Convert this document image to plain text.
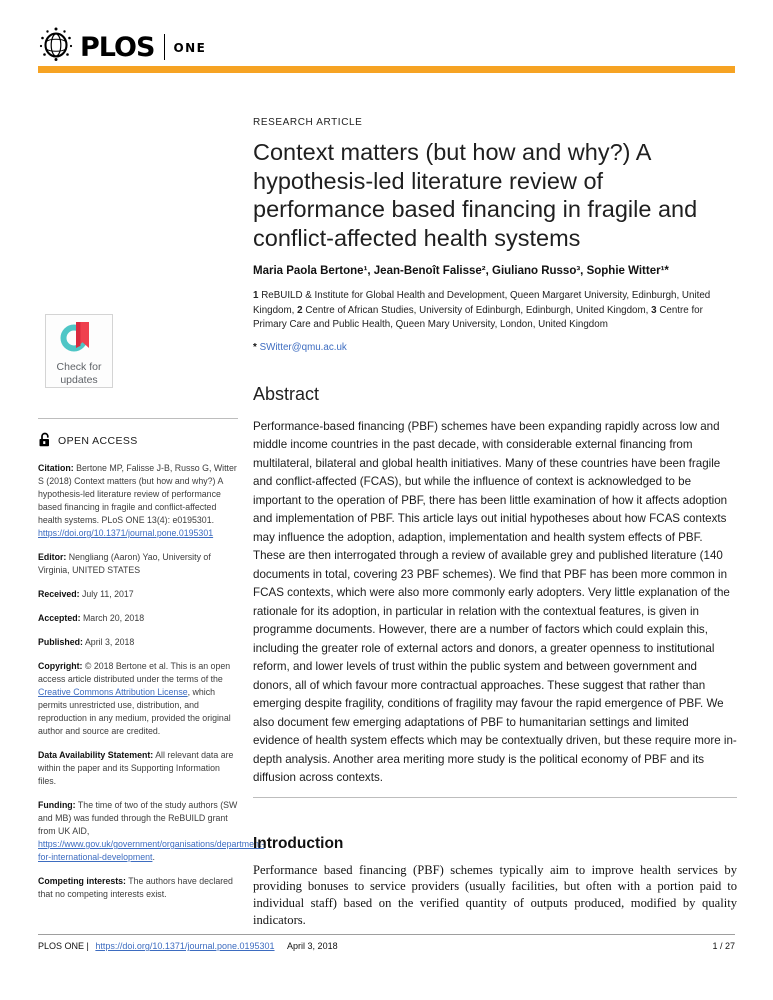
PLOS ONE
Check for
updates
OPEN ACCESS

Citation: Bertone MP, Falisse J-B, Russo G, Witter S (2018) Context matters (but how and why?) A hypothesis-led literature review of performance based financing in fragile and conflict-affected health systems. PLoS ONE 13(4): e0195301. https://doi.org/10.1371/journal.pone.0195301

Editor: Nengliang (Aaron) Yao, University of Virginia, UNITED STATES

Received: July 11, 2017

Accepted: March 20, 2018

Published: April 3, 2018

Copyright: © 2018 Bertone et al. This is an open access article distributed under the terms of the Creative Commons Attribution License, which permits unrestricted use, distribution, and reproduction in any medium, provided the original author and source are credited.

Data Availability Statement: All relevant data are within the paper and its Supporting Information files.

Funding: The time of two of the study authors (SW and MB) was funded through the ReBUILD grant from UK AID, https://www.gov.uk/government/organisations/department-for-international-development.

Competing interests: The authors have declared that no competing interests exist.

RESEARCH ARTICLE
Context matters (but how and why?) A hypothesis-led literature review of performance based financing in fragile and conflict-affected health systems
Maria Paola Bertone¹, Jean-Benoît Falisse², Giuliano Russo³, Sophie Witter¹*
1 ReBUILD & Institute for Global Health and Development, Queen Margaret University, Edinburgh, United Kingdom, 2 Centre of African Studies, University of Edinburgh, Edinburgh, United Kingdom, 3 Centre for Primary Care and Public Health, Queen Mary University, London, United Kingdom
* SWitter@qmu.ac.uk
Abstract
Performance-based financing (PBF) schemes have been expanding rapidly across low and middle income countries in the past decade, with considerable external financing from multilateral, bilateral and global health initiatives. Many of these countries have been fragile and conflict-affected (FCAS), but while the influence of context is acknowledged to be important to the operation of PBF, there has been little examination of how it affects adoption and implementation of PBF. This article lays out initial hypotheses about how FCAS contexts may influence the adoption, adaption, implementation and health system effects of PBF. These are then interrogated through a review of available grey and published literature (140 documents in total, covering 23 PBF schemes). We find that PBF has been more common in FCAS contexts, which were also more commonly early adopters. Very little explanation of the rationale for its adoption, in particular in relation with the contextual features, is given in programme documents. However, there are a number of factors which could explain this, including the greater role of external actors and donors, a greater openness to institutional reform, and lower levels of trust within the public system and between government and donors, all of which favour more contractual approaches. These suggest that rather than emerging despite fragility, conditions of fragility may favour the rapid emergence of PBF. We also document few emerging adaptations of PBF to humanitarian settings and limited evidence of health system effects which may be contextually driven, but these require more in-depth analysis. Another area meriting more study is the political economy of PBF and its diffusion across contexts.
Introduction
Performance based financing (PBF) schemes typically aim to improve health services by providing bonuses to service providers (usually facilities, but often with a portion paid to individual staff) based on the verified quantity of outputs produced, modified by quality indicators.
PLOS ONE | https://doi.org/10.1371/journal.pone.0195301 April 3, 2018	1 / 27
